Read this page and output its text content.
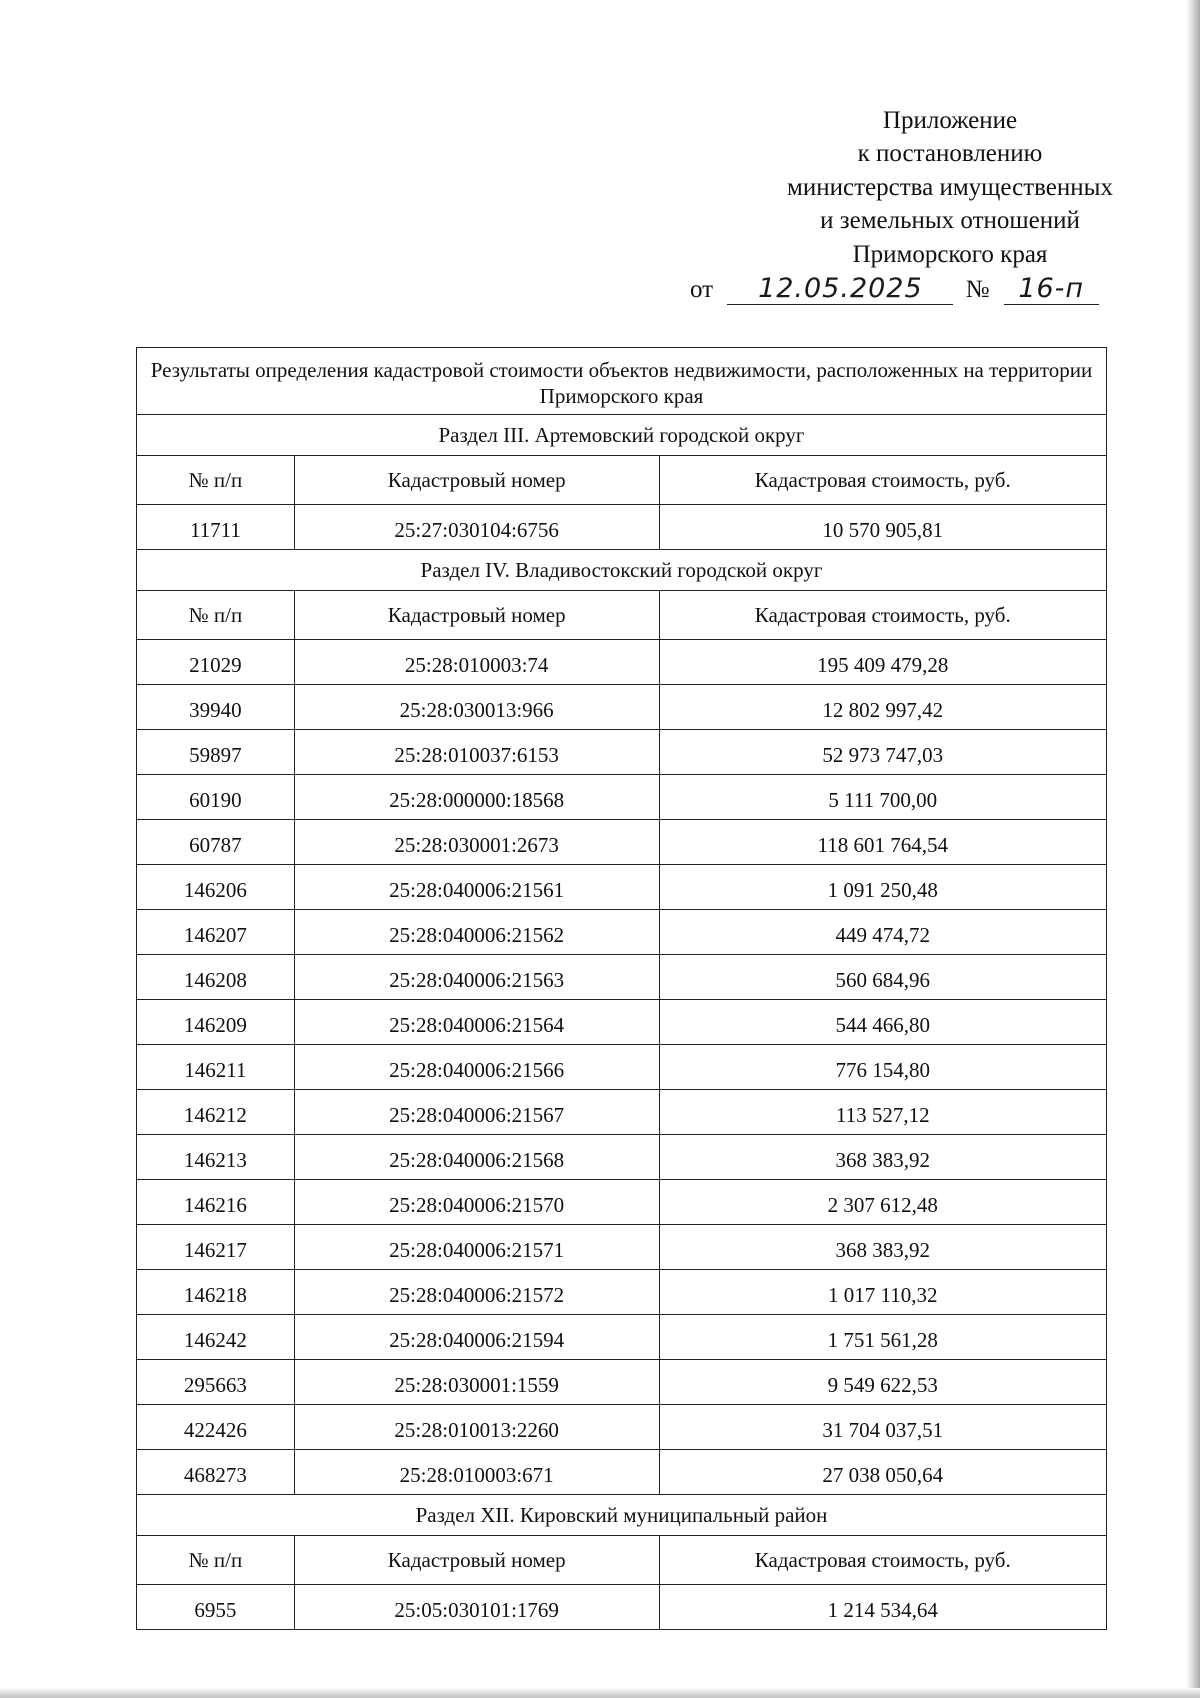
Приложение
к постановлению
министерства имущественных
и земельных отношений
Приморского края
от 12.05.2025 № 16-п
Результаты определения кадастровой стоимости объектов недвижимости, расположенных на территории Приморского края		
Раздел III. Артемовский городской округ		
№ п/п	Кадастровый номер	Кадастровая стоимость, руб.
11711	25:27:030104:6756	10 570 905,81
Раздел IV. Владивостокский городской округ		
№ п/п	Кадастровый номер	Кадастровая стоимость, руб.
21029	25:28:010003:74	195 409 479,28
39940	25:28:030013:966	12 802 997,42
59897	25:28:010037:6153	52 973 747,03
60190	25:28:000000:18568	5 111 700,00
60787	25:28:030001:2673	118 601 764,54
146206	25:28:040006:21561	1 091 250,48
146207	25:28:040006:21562	449 474,72
146208	25:28:040006:21563	560 684,96
146209	25:28:040006:21564	544 466,80
146211	25:28:040006:21566	776 154,80
146212	25:28:040006:21567	113 527,12
146213	25:28:040006:21568	368 383,92
146216	25:28:040006:21570	2 307 612,48
146217	25:28:040006:21571	368 383,92
146218	25:28:040006:21572	1 017 110,32
146242	25:28:040006:21594	1 751 561,28
295663	25:28:030001:1559	9 549 622,53
422426	25:28:010013:2260	31 704 037,51
468273	25:28:010003:671	27 038 050,64
Раздел XII. Кировский муниципальный район		
№ п/п	Кадастровый номер	Кадастровая стоимость, руб.
6955	25:05:030101:1769	1 214 534,64
